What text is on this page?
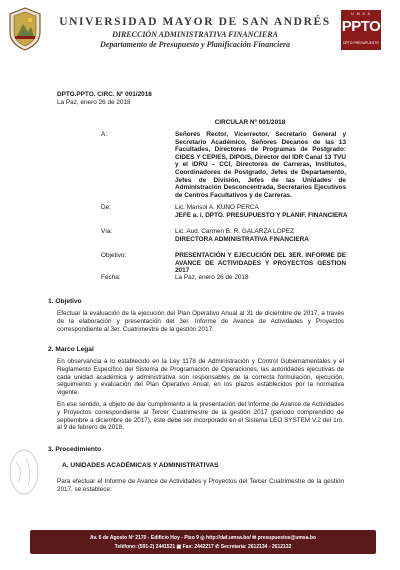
UNIVERSIDAD MAYOR DE SAN ANDRÉS
DIRECCIÓN ADMINISTRATIVA FINANCIERA
Departamento de Presupuesto y Planificación Financiera
U M S A
PPTO
DPTO PRESUPUESTO
DPTO.PPTO. CIRC. Nº 001/2018
La Paz, enero 26 de 2018
CIRCULAR Nº 001/2018
A:	Señores Rector, Vicerrector, Secretario General y Secretario Académico, Señores Decanos de las 13 Facultades, Directores de Programas de Postgrado: CIDES Y CEPIES, DIPGIS, Director del IDR Canal 13 TVU y el IDRU – CCI, Directores de Carreras, Institutos, Coordinadores de Postgrado, Jefes de Departamento, Jefes de División, Jefes de las Unidades de Administración Desconcentrada, Secretarios Ejecutivos de Centros Facultativos y de Carreras.
De:	Lic. Marisol A. KUNO PERCA
JEFE a. i. DPTO. PRESUPUESTO Y PLANIF. FINANCIERA
Vía:	Lic. Aud. Carmen B. R. GALARZA LOPEZ
DIRECTORA ADMINISTRATIVA FINANCIERA
Objetivo:	PRESENTACIÓN Y EJECUCIÓN DEL 3ER. INFORME DE AVANCE DE ACTIVIDADES Y PROYECTOS GESTION 2017
Fecha:	La Paz, enero 26 de 2018
1. Objetivo
Efectuar la evaluación de la ejecución del Plan Operativo Anual al 31 de diciembre de 2017, a través de la elaboración y presentación del 3er. Informe de Avance de Actividades y Proyectos correspondiente al 3er. Cuatrimestre de la gestión 2017.
2. Marco Legal
En observancia a lo establecido en la Ley 1178 de Administración y Control Gubernamentales y el Reglamento Específico del Sistema de Programación de Operaciones, las autoridades ejecutivas de cada unidad académica y administrativa son responsables de la correcta formulación, ejecución, seguimiento y evaluación del Plan Operativo Anual, en los plazos establecidos por la normativa vigente.
En ese sentido, a objeto de dar cumplimiento a la presentación del Informe de Avance de Actividades y Proyectos correspondiente al Tercer Cuatrimestre de la gestión 2017 (periodo comprendido de septiembre a diciembre de 2017), éste debe ser incorporado en el Sistema LEO SYSTEM V.2 del 1ro. al 9 de febrero de 2018.
3. Procedimiento
A. UNIDADES ACADÉMICAS Y ADMINISTRATIVAS
Para efectuar el Informe de Avance de Actividades y Proyectos del Tercer Cuatrimestre de la gestión 2017, se establece:
Av. 6 de Agosto Nº 2170 - Edificio Hoy - Piso 9 ◎ http://daf.umsa.bo/ ✉ presupuestos@umsa.bo
Teléfono: (591-2) 2441521 ▣ Fax: 2442217 ✆ Secretaría: 2612134 - 2612132
